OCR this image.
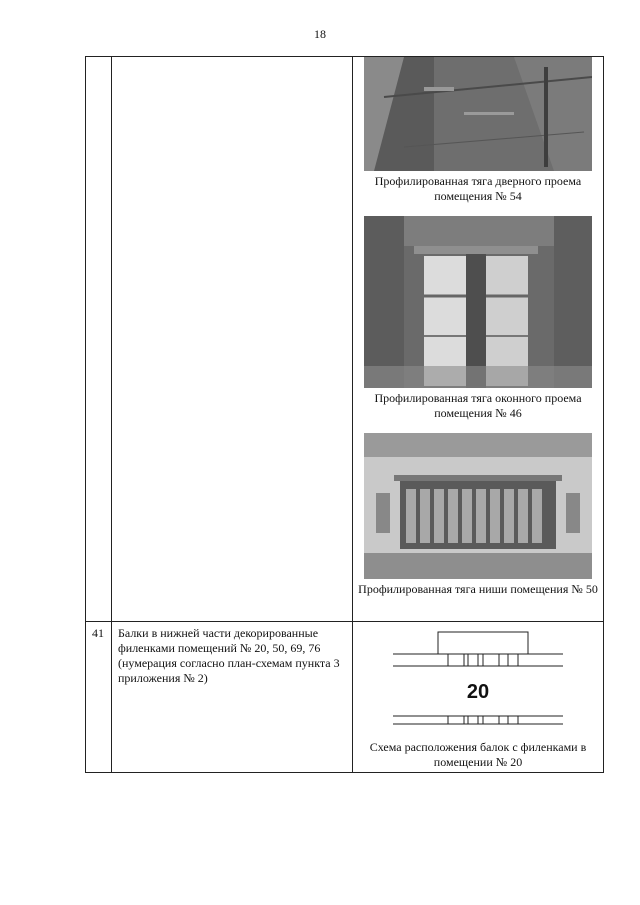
18

		Профилированная тяга дверного проема помещения № 54
Профилированная тяга оконного проема помещения № 46
Профилированная тяга ниши помещения № 50

41	Балки в нижней части декорированные филенками помещений № 20, 50, 69, 76 (нумерация согласно план-схемам пункта 3 приложения № 2)	20
Схема расположения балок с филенками в помещении № 20
